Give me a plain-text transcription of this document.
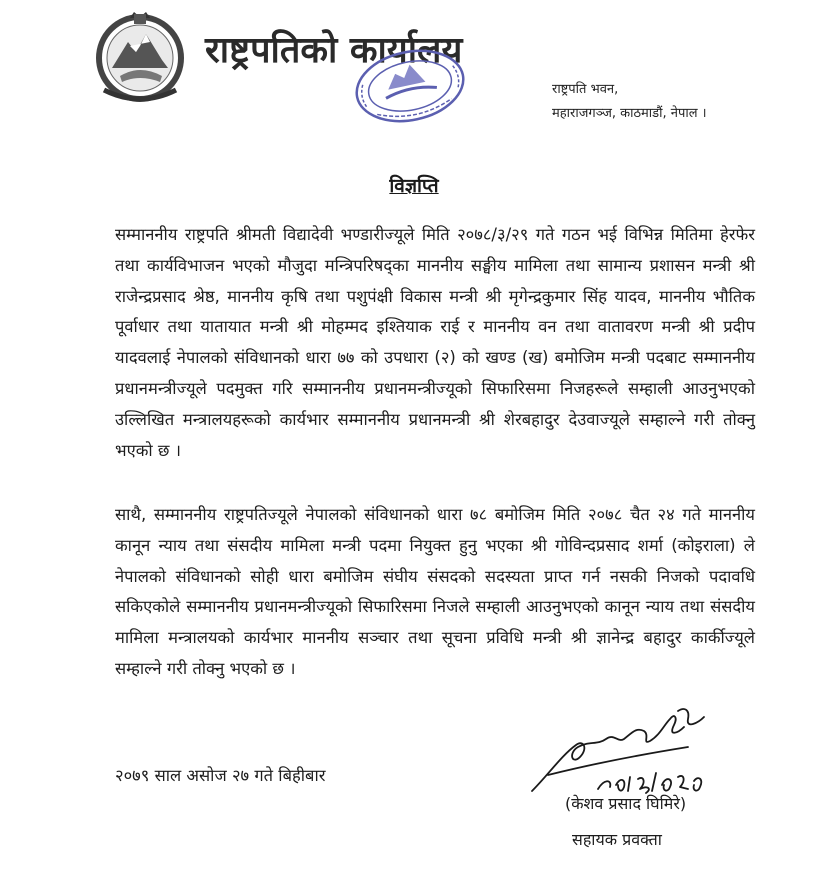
राष्ट्रपतिको कार्यालय
राष्ट्रपति भवन,
महाराजगञ्ज, काठमाडौं, नेपाल ।
विज्ञप्ति
सम्माननीय राष्ट्रपति श्रीमती विद्यादेवी भण्डारीज्यूले मिति २०७८/३/२९ गते गठन भई विभिन्न मितिमा हेरफेर तथा कार्यविभाजन भएको मौजुदा मन्त्रिपरिषद्का माननीय सङ्घीय मामिला तथा सामान्य प्रशासन मन्त्री श्री राजेन्द्रप्रसाद श्रेष्ठ, माननीय कृषि तथा पशुपंक्षी विकास मन्त्री श्री मृगेन्द्रकुमार सिंह यादव, माननीय भौतिक पूर्वाधार तथा यातायात मन्त्री श्री मोहम्मद इश्तियाक राई र माननीय वन तथा वातावरण मन्त्री श्री प्रदीप यादवलाई नेपालको संविधानको धारा ७७ को उपधारा (२) को खण्ड (ख) बमोजिम मन्त्री पदबाट सम्माननीय प्रधानमन्त्रीज्यूले पदमुक्त गरि सम्माननीय प्रधानमन्त्रीज्यूको सिफारिसमा निजहरूले सम्हाली आउनुभएको उल्लिखित मन्त्रालयहरूको कार्यभार सम्माननीय प्रधानमन्त्री श्री शेरबहादुर देउवाज्यूले सम्हाल्ने गरी तोक्नु भएको छ ।
साथै, सम्माननीय राष्ट्रपतिज्यूले नेपालको संविधानको धारा ७८ बमोजिम मिति २०७८ चैत २४ गते माननीय कानून न्याय तथा संसदीय मामिला मन्त्री पदमा नियुक्त हुनु भएका श्री गोविन्दप्रसाद शर्मा (कोइराला) ले नेपालको संविधानको सोही धारा बमोजिम संघीय संसदको सदस्यता प्राप्त गर्न नसकी निजको पदावधि सकिएकोले सम्माननीय प्रधानमन्त्रीज्यूको सिफारिसमा निजले सम्हाली आउनुभएको कानून न्याय तथा संसदीय मामिला मन्त्रालयको कार्यभार माननीय सञ्चार तथा सूचना प्रविधि मन्त्री श्री ज्ञानेन्द्र बहादुर कार्कीज्यूले सम्हाल्ने गरी तोक्नु भएको छ ।
२०७९ साल असोज २७ गते बिहीबार
(केशव प्रसाद घिमिरे)
सहायक प्रवक्ता
